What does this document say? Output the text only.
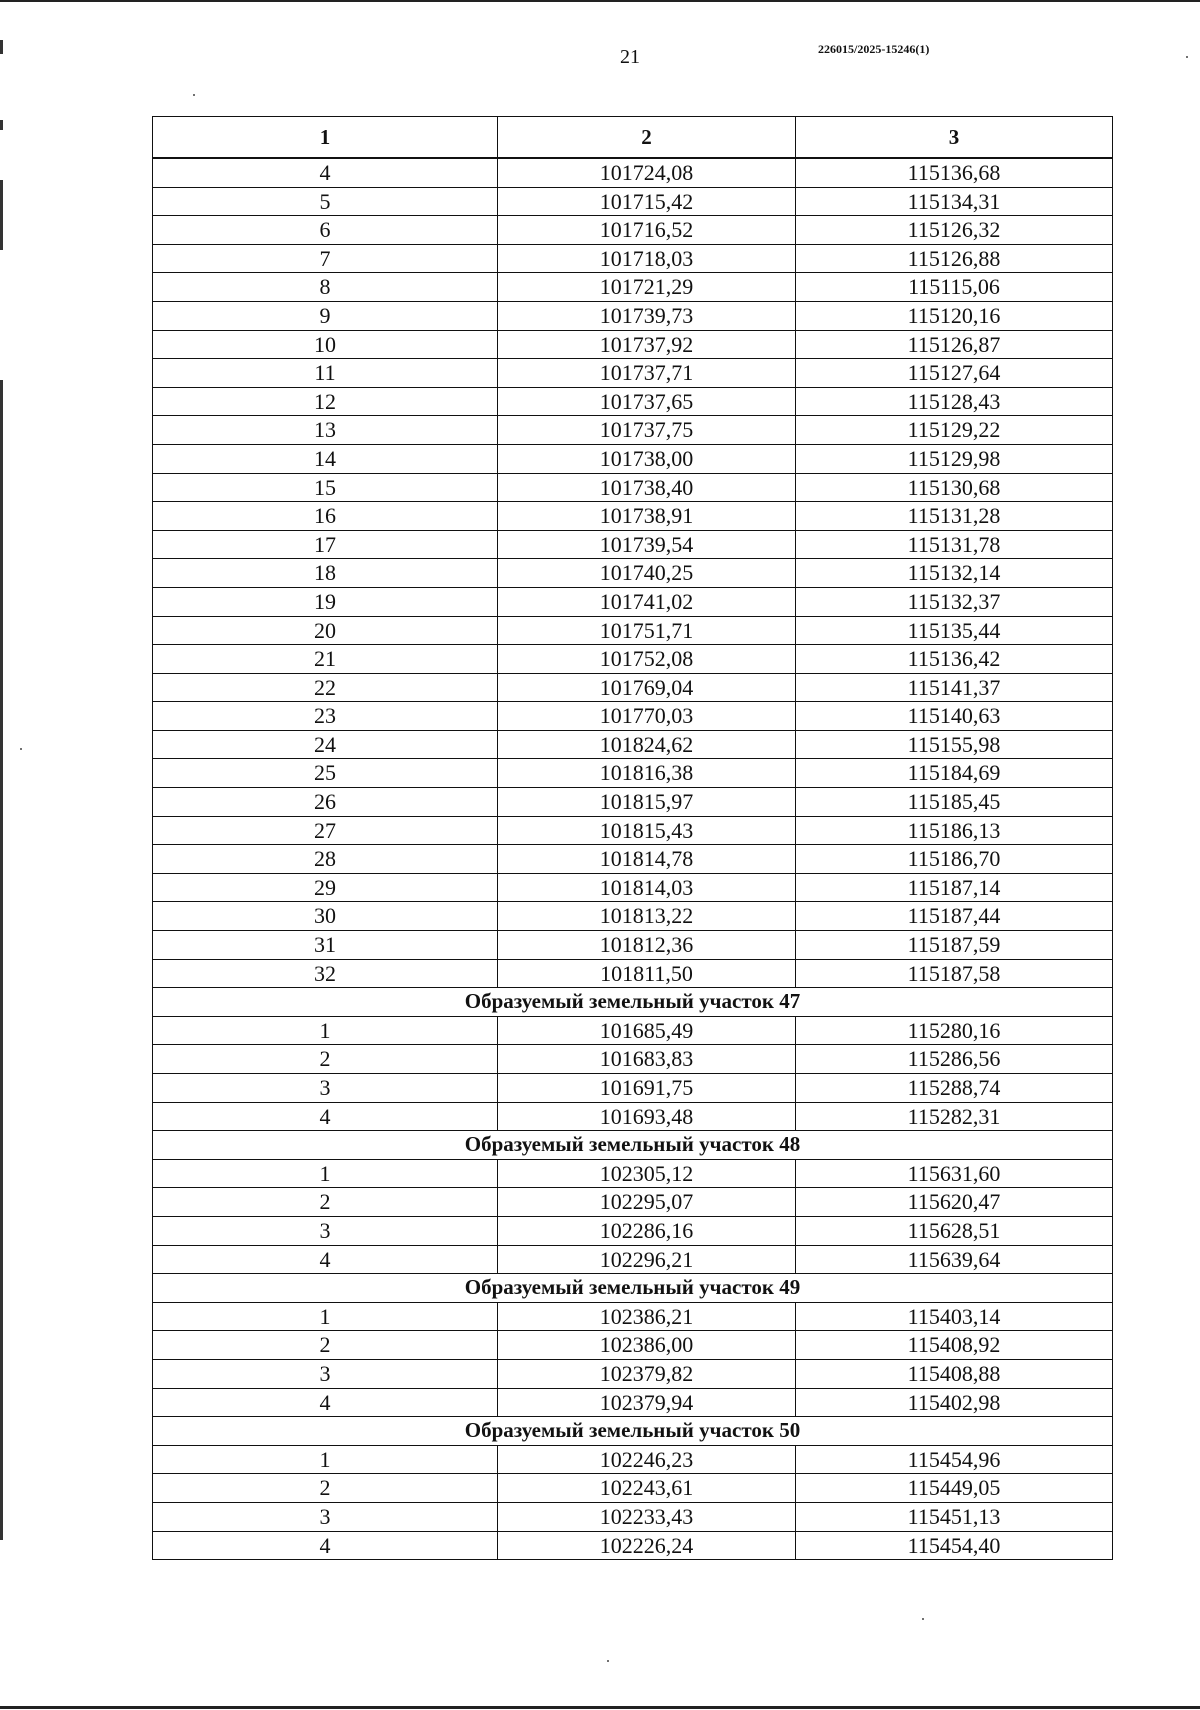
21	226015/2025-15246(1)
1	2	3
4	101724,08	115136,68
5	101715,42	115134,31
6	101716,52	115126,32
7	101718,03	115126,88
8	101721,29	115115,06
9	101739,73	115120,16
10	101737,92	115126,87
11	101737,71	115127,64
12	101737,65	115128,43
13	101737,75	115129,22
14	101738,00	115129,98
15	101738,40	115130,68
16	101738,91	115131,28
17	101739,54	115131,78
18	101740,25	115132,14
19	101741,02	115132,37
20	101751,71	115135,44
21	101752,08	115136,42
22	101769,04	115141,37
23	101770,03	115140,63
24	101824,62	115155,98
25	101816,38	115184,69
26	101815,97	115185,45
27	101815,43	115186,13
28	101814,78	115186,70
29	101814,03	115187,14
30	101813,22	115187,44
31	101812,36	115187,59
32	101811,50	115187,58
Образуемый земельный участок 47		
1	101685,49	115280,16
2	101683,83	115286,56
3	101691,75	115288,74
4	101693,48	115282,31
Образуемый земельный участок 48		
1	102305,12	115631,60
2	102295,07	115620,47
3	102286,16	115628,51
4	102296,21	115639,64
Образуемый земельный участок 49		
1	102386,21	115403,14
2	102386,00	115408,92
3	102379,82	115408,88
4	102379,94	115402,98
Образуемый земельный участок 50		
1	102246,23	115454,96
2	102243,61	115449,05
3	102233,43	115451,13
4	102226,24	115454,40
